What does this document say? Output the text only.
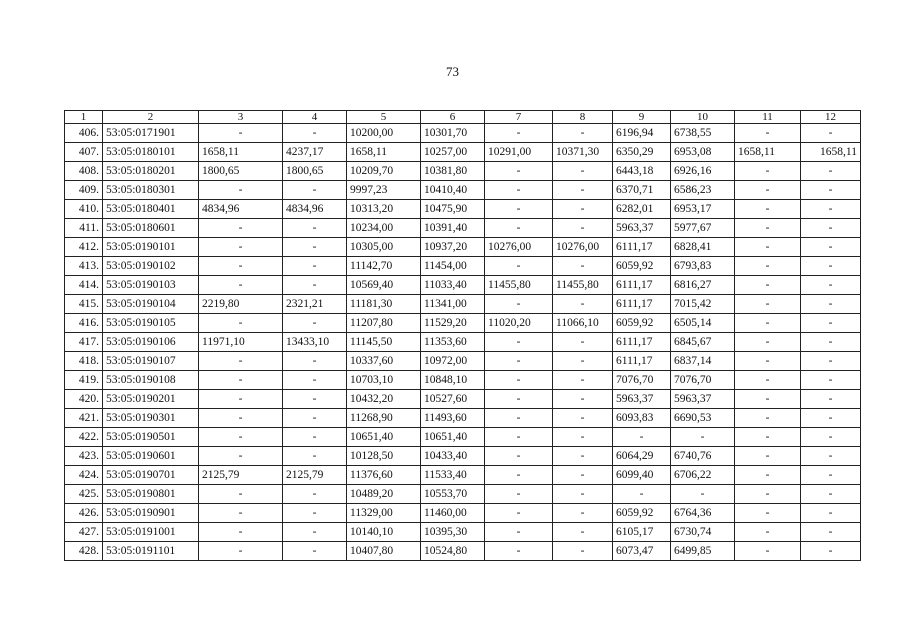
73
1	2	3	4	5	6	7	8	9	10	11	12
406.	53:05:0171901	-	-	10200,00	10301,70	-	-	6196,94	6738,55	-	-
407.	53:05:0180101	1658,11	4237,17	1658,11	10257,00	10291,00	10371,30	6350,29	6953,08	1658,11	1658,11
408.	53:05:0180201	1800,65	1800,65	10209,70	10381,80	-	-	6443,18	6926,16	-	-
409.	53:05:0180301	-	-	9997,23	10410,40	-	-	6370,71	6586,23	-	-
410.	53:05:0180401	4834,96	4834,96	10313,20	10475,90	-	-	6282,01	6953,17	-	-
411.	53:05:0180601	-	-	10234,00	10391,40	-	-	5963,37	5977,67	-	-
412.	53:05:0190101	-	-	10305,00	10937,20	10276,00	10276,00	6111,17	6828,41	-	-
413.	53:05:0190102	-	-	11142,70	11454,00	-	-	6059,92	6793,83	-	-
414.	53:05:0190103	-	-	10569,40	11033,40	11455,80	11455,80	6111,17	6816,27	-	-
415.	53:05:0190104	2219,80	2321,21	11181,30	11341,00	-	-	6111,17	7015,42	-	-
416.	53:05:0190105	-	-	11207,80	11529,20	11020,20	11066,10	6059,92	6505,14	-	-
417.	53:05:0190106	11971,10	13433,10	11145,50	11353,60	-	-	6111,17	6845,67	-	-
418.	53:05:0190107	-	-	10337,60	10972,00	-	-	6111,17	6837,14	-	-
419.	53:05:0190108	-	-	10703,10	10848,10	-	-	7076,70	7076,70	-	-
420.	53:05:0190201	-	-	10432,20	10527,60	-	-	5963,37	5963,37	-	-
421.	53:05:0190301	-	-	11268,90	11493,60	-	-	6093,83	6690,53	-	-
422.	53:05:0190501	-	-	10651,40	10651,40	-	-	-	-	-	-
423.	53:05:0190601	-	-	10128,50	10433,40	-	-	6064,29	6740,76	-	-
424.	53:05:0190701	2125,79	2125,79	11376,60	11533,40	-	-	6099,40	6706,22	-	-
425.	53:05:0190801	-	-	10489,20	10553,70	-	-	-	-	-	-
426.	53:05:0190901	-	-	11329,00	11460,00	-	-	6059,92	6764,36	-	-
427.	53:05:0191001	-	-	10140,10	10395,30	-	-	6105,17	6730,74	-	-
428.	53:05:0191101	-	-	10407,80	10524,80	-	-	6073,47	6499,85	-	-
